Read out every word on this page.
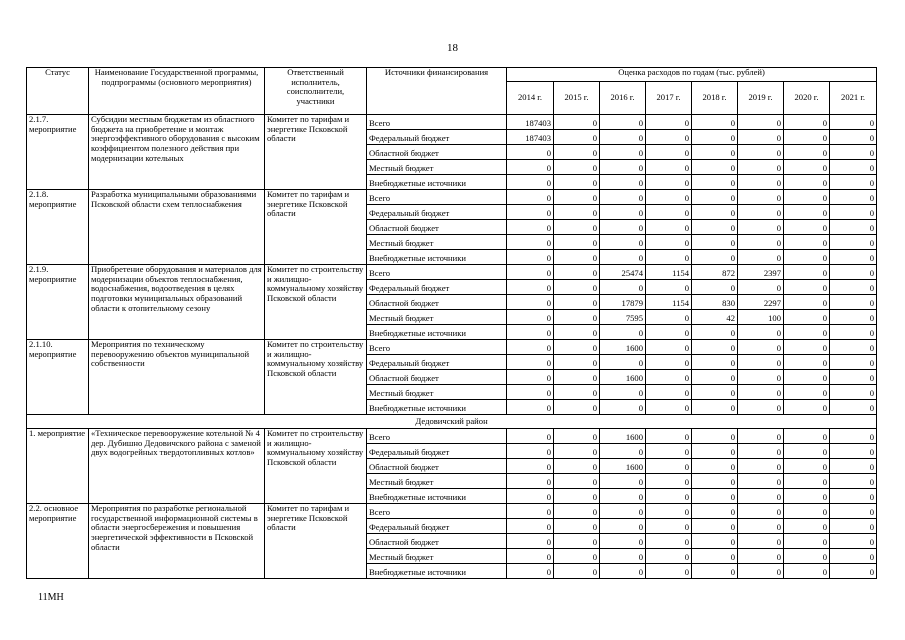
18
Статус	Наименование Государственной программы, подпрограммы (основного мероприятия)	Ответственный исполнитель, соисполнители, участники	Источники финансирования	Оценка расходов по годам (тыс. рублей)							
				2014 г.	2015 г.	2016 г.	2017 г.	2018 г.	2019 г.	2020 г.	2021 г.
2.1.7. мероприятие	Субсидии местным бюджетам из областного бюджета на приобретение и монтаж энергоэффективного оборудования с высоким коэффициентом полезного действия при модернизации котельных	Комитет по тарифам и энергетике Псковской области	Всего	187403	0	0	0	0	0	0	0
			Федеральный бюджет	187403	0	0	0	0	0	0	0
			Областной бюджет	0	0	0	0	0	0	0	0
			Местный бюджет	0	0	0	0	0	0	0	0
			Внебюджетные источники	0	0	0	0	0	0	0	0
2.1.8. мероприятие	Разработка муниципальными образованиями Псковской области схем теплоснабжения	Комитет по тарифам и энергетике Псковской области	Всего	0	0	0	0	0	0	0	0
			Федеральный бюджет	0	0	0	0	0	0	0	0
			Областной бюджет	0	0	0	0	0	0	0	0
			Местный бюджет	0	0	0	0	0	0	0	0
			Внебюджетные источники	0	0	0	0	0	0	0	0
2.1.9. мероприятие	Приобретение оборудования и материалов для модернизации объектов теплоснабжения, водоснабжения, водоотведения в целях подготовки муниципальных образований области к отопительному сезону	Комитет по строительству и жилищно-коммунальному хозяйству Псковской области	Всего	0	0	25474	1154	872	2397	0	0
			Федеральный бюджет	0	0	0	0	0	0	0	0
			Областной бюджет	0	0	17879	1154	830	2297	0	0
			Местный бюджет	0	0	7595	0	42	100	0	0
			Внебюджетные источники	0	0	0	0	0	0	0	0
2.1.10. мероприятие	Мероприятия по техническому перевооружению объектов муниципальной собственности	Комитет по строительству и жилищно-коммунальному хозяйству Псковской области	Всего	0	0	1600	0	0	0	0	0
			Федеральный бюджет	0	0	0	0	0	0	0	0
			Областной бюджет	0	0	1600	0	0	0	0	0
			Местный бюджет	0	0	0	0	0	0	0	0
			Внебюджетные источники	0	0	0	0	0	0	0	0
Дедовичский район											
1. мероприятие	«Техническое перевооружение котельной № 4 дер. Дубишно Дедовичского района с заменой двух водогрейных твердотопливных котлов»	Комитет по строительству и жилищно-коммунальному хозяйству Псковской области	Всего	0	0	1600	0	0	0	0	0
			Федеральный бюджет	0	0	0	0	0	0	0	0
			Областной бюджет	0	0	1600	0	0	0	0	0
			Местный бюджет	0	0	0	0	0	0	0	0
			Внебюджетные источники	0	0	0	0	0	0	0	0
2.2. основное мероприятие	Мероприятия по разработке региональной государственной информационной системы в области энергосбережения и повышения энергетической эффективности в Псковской области	Комитет по тарифам и энергетике Псковской области	Всего	0	0	0	0	0	0	0	0
			Федеральный бюджет	0	0	0	0	0	0	0	0
			Областной бюджет	0	0	0	0	0	0	0	0
			Местный бюджет	0	0	0	0	0	0	0	0
			Внебюджетные источники	0	0	0	0	0	0	0	0
11МН
